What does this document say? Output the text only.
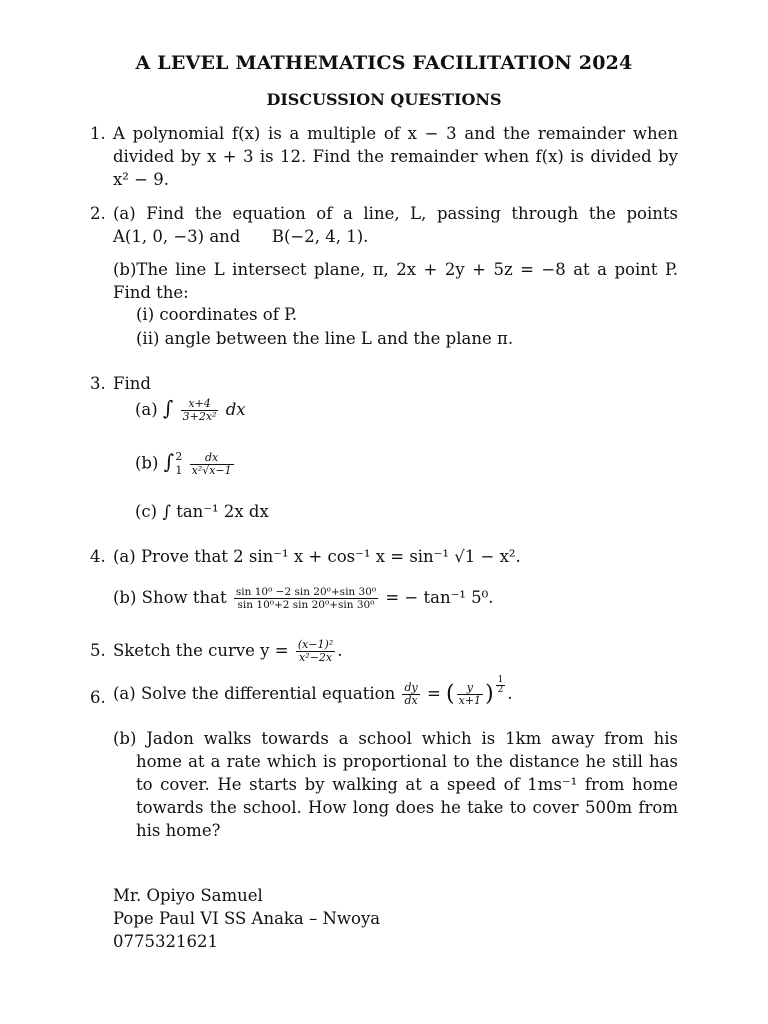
A LEVEL MATHEMATICS FACILITATION 2024
DISCUSSION QUESTIONS
1. A polynomial f(x) is a multiple of x − 3 and the remainder when
divided by x + 3 is 12. Find the remainder when f(x) is divided by
x² − 9.
2. (a) Find the equation of a line, L, passing through the points
A(1, 0, −3) and      B(−2, 4, 1).
(b)The line L intersect plane, π, 2x + 2y + 5z = −8 at a point P.
Find the:
(i) coordinates of P.
(ii) angle between the line L and the plane π.
3. Find
(a) ∫ $\frac{x+4}{\text{3+2x²}}$ dx
(b) ∫ 2
1
$\frac{dx}{\text{x²√x−1}}$
(c) ∫ tan⁻¹ 2x dx
4. (a) Prove that 2 sin⁻¹ x + cos⁻¹ x = sin⁻¹ √1 − x².
(b) Show that $\frac{\text{sin 10⁰ −2 sin 20⁰+sin 30⁰}}{\text{sin 10⁰+2 sin 20⁰+sin 30⁰}}$ = − tan⁻¹ 5⁰.
5. Sketch the curve $y = \frac{\text{(x−1)²}}{\text{x²−2x}}$ .
6. (a) Solve the differential equation $\frac{dy}{dx}$ = ( $\frac{y}{x+1}$ ) $\frac{1}{2}$ .
(b) Jadon walks towards a school which is 1km away from his
home at a rate which is proportional to the distance he still has
to cover. He starts by walking at a speed of 1ms⁻¹ from home
towards the school. How long does he take to cover 500m from
his home?
Mr. Opiyo Samuel
Pope Paul VI SS Anaka – Nwoya
0775321621
